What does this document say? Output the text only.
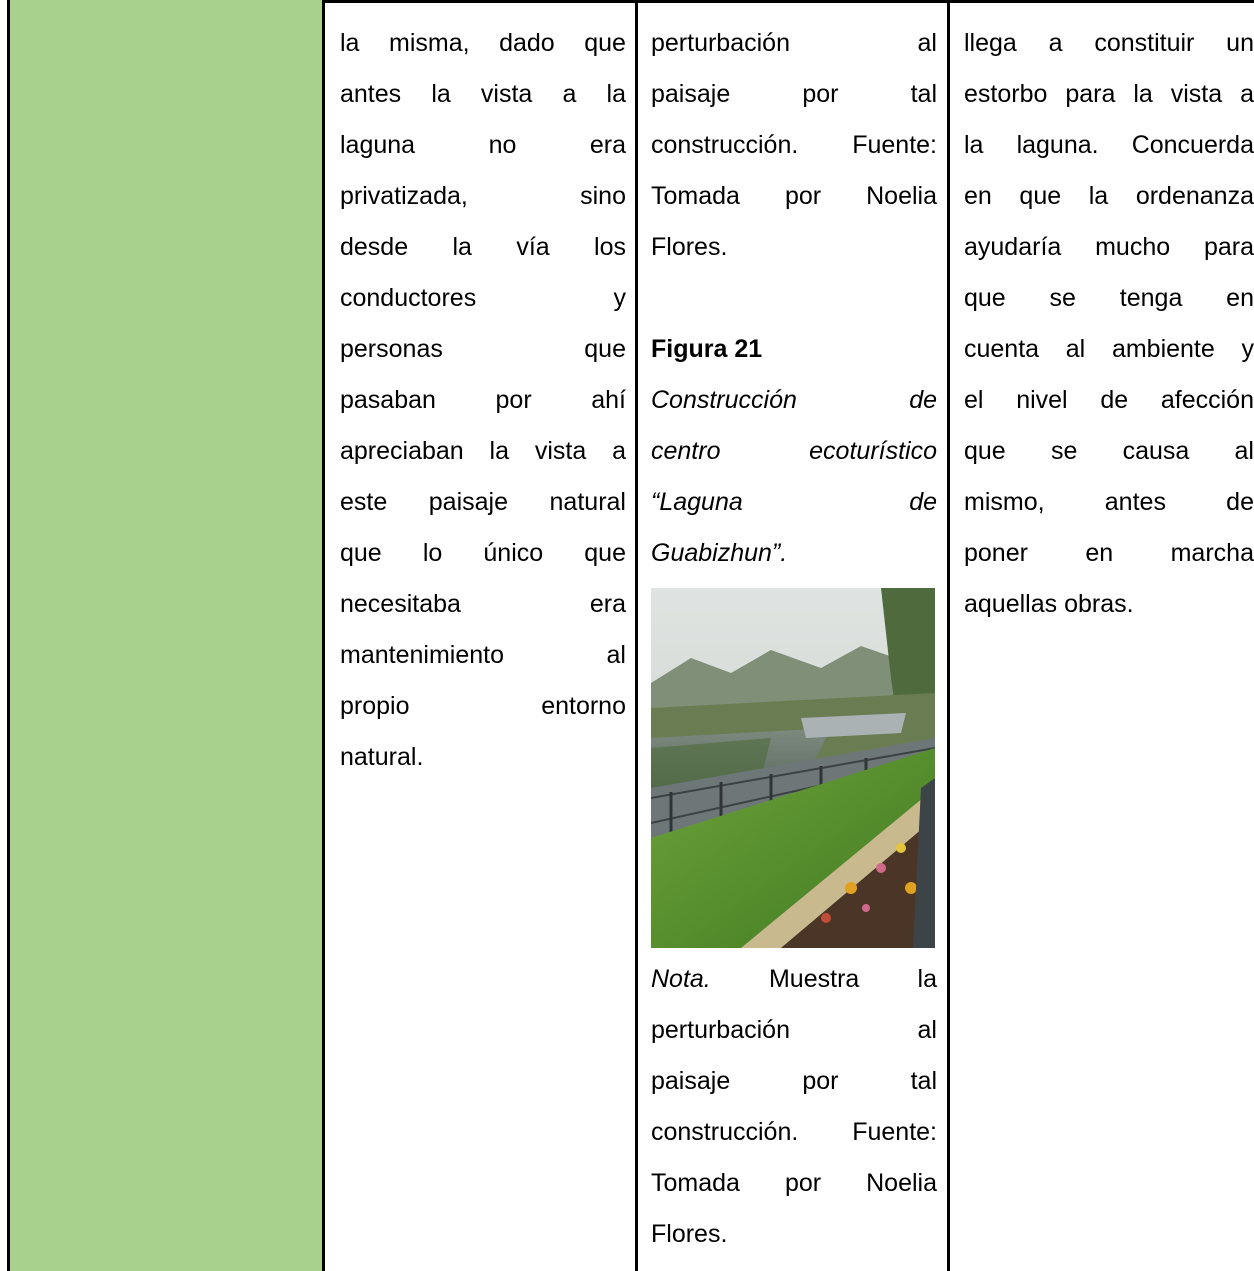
la misma, dado que
antes la vista a la
laguna	no	era
privatizada,	sino
desde la vía los
conductores	y
personas	que
pasaban por ahí
apreciaban la vista a
este paisaje natural
que lo único que
necesitaba	era
mantenimiento	al
propio	entorno
natural.
perturbación	al
paisaje	por	tal
construcción. Fuente:
Tomada por Noelia
Flores.
Figura 21
Construcción	de
centro	ecoturístico
“Laguna	de
Guabizhun”.
Nota. Muestra la
perturbación	al
paisaje	por	tal
construcción. Fuente:
Tomada por Noelia
Flores.
llega a constituir un
estorbo para la vista a
la laguna. Concuerda
en que la ordenanza
ayudaría mucho para
que se tenga en
cuenta al ambiente y
el nivel de afección
que se causa al
mismo, antes de
poner en marcha
aquellas obras.
